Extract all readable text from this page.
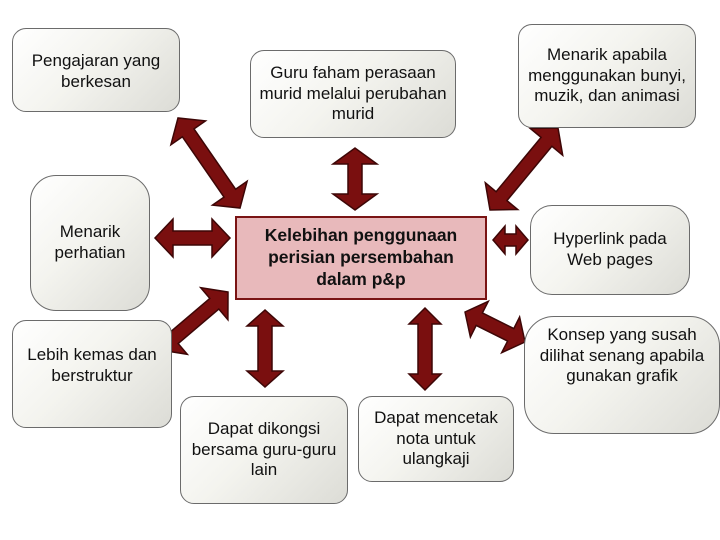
Pengajaran yang berkesan	Guru faham perasaan murid melalui perubahan murid
Menarik apabila menggunakan bunyi, muzik, dan animasi
Menarik perhatian
Kelebihan penggunaan perisian persembahan dalam p&p
Hyperlink pada Web pages
Lebih kemas dan berstruktur
Konsep yang susah dilihat senang apabila gunakan grafik
Dapat dikongsi bersama guru-guru lain
Dapat mencetak nota untuk ulangkaji
